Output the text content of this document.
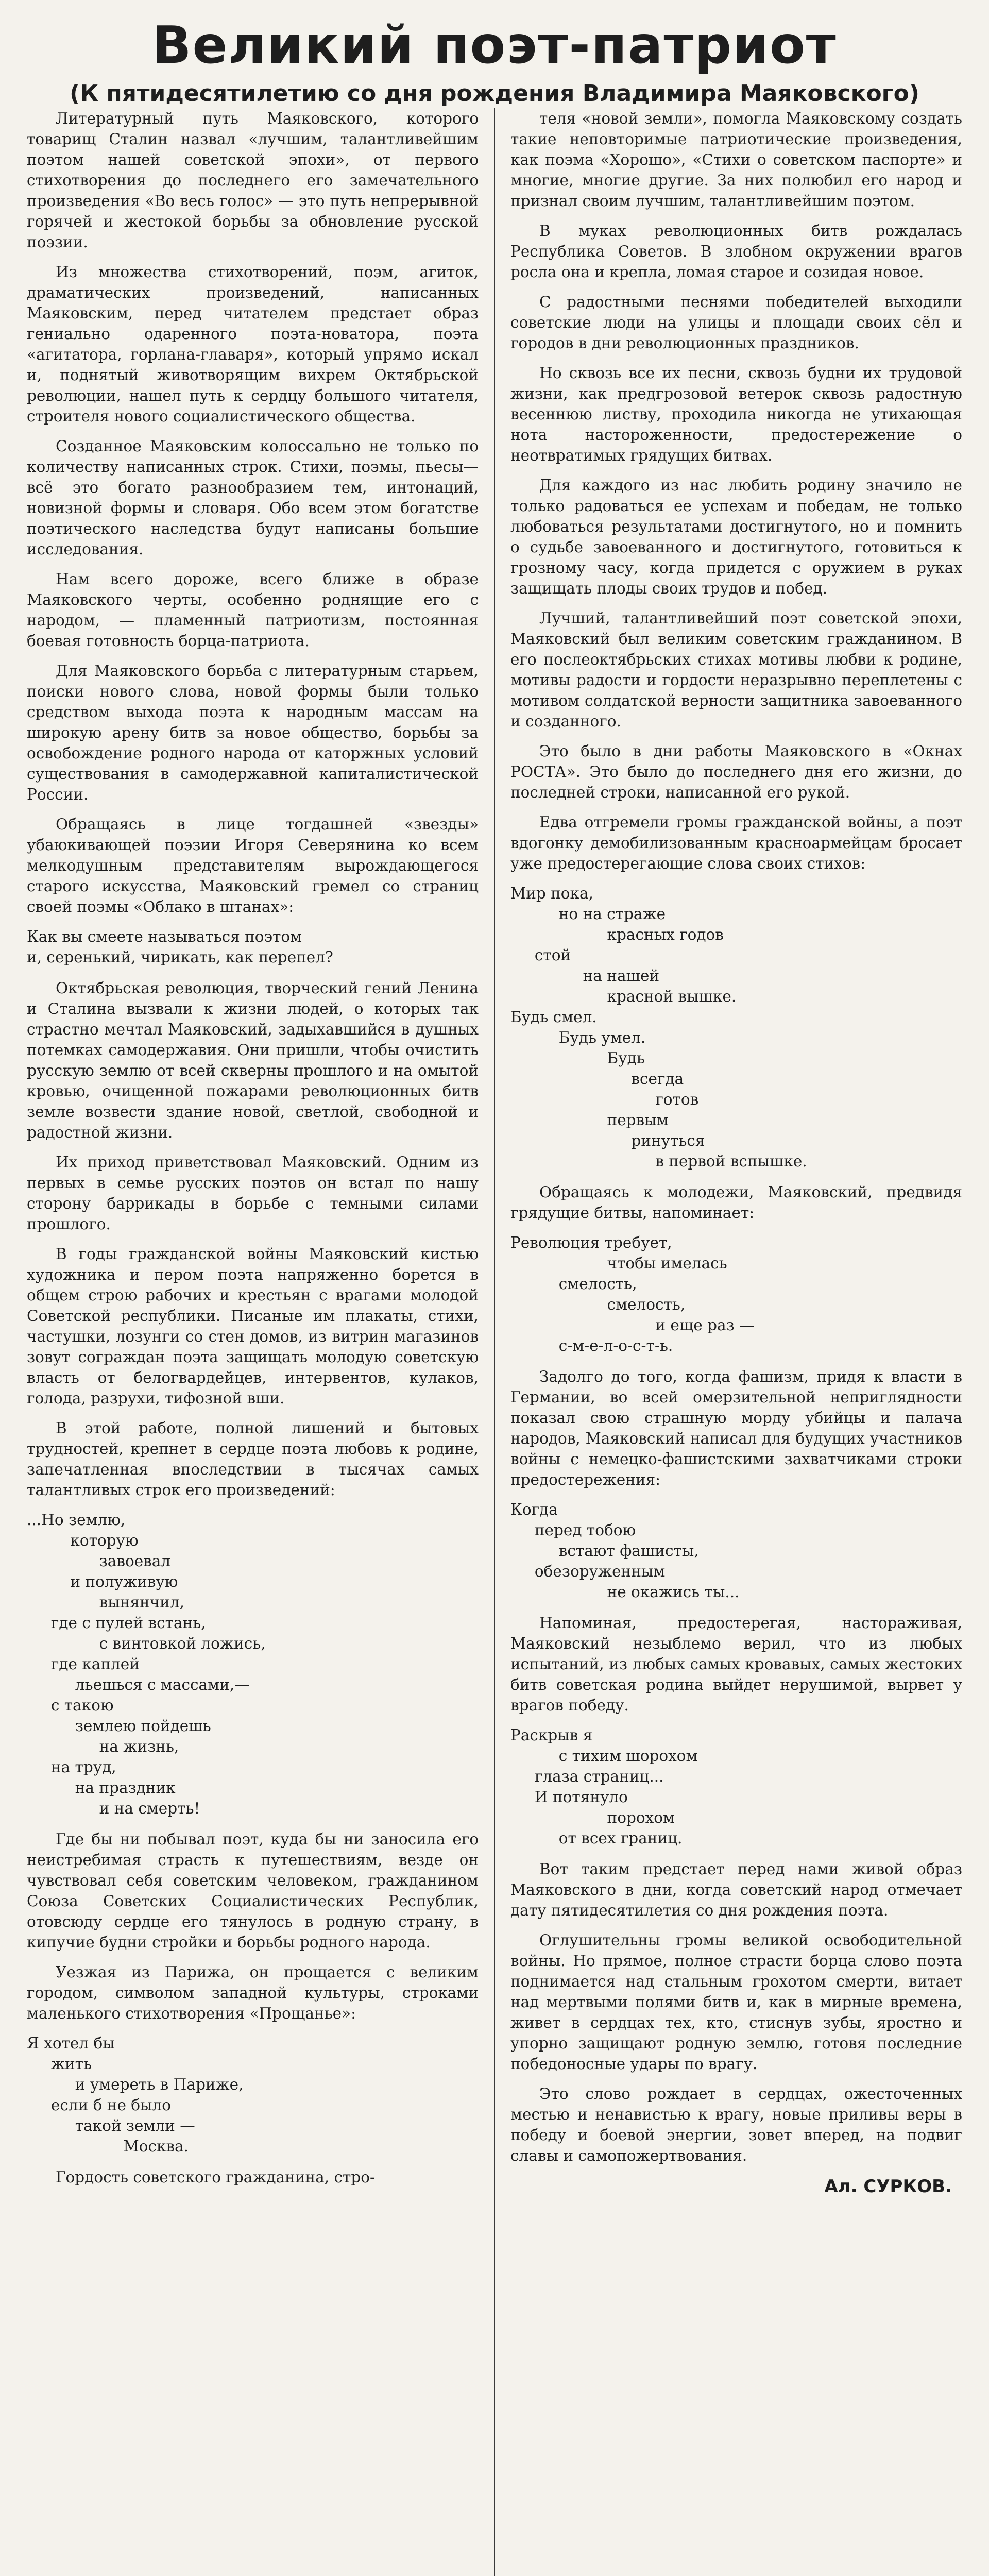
Великий поэт-патриот
(К пятидесятилетию со дня рождения Владимира Маяковского)

Литературный путь Маяковского, которого товарищ Сталин назвал «лучшим, талантливейшим поэтом нашей советской эпохи», от первого стихотворения до последнего его замечательного произведения «Во весь голос» — это путь непрерывной горячей и жестокой борьбы за обновление русской поэзии.

Из множества стихотворений, поэм, агиток, драматических произведений, написанных Маяковским, перед читателем предстает образ гениально одаренного поэта-новатора, поэта «агитатора, горлана-главаря», который упрямо искал и, поднятый животворящим вихрем Октябрьской революции, нашел путь к сердцу большого читателя, строителя нового социалистического общества.

Созданное Маяковским колоссально не только по количеству написанных строк. Стихи, поэмы, пьесы—всё это богато разнообразием тем, интонаций, новизной формы и словаря. Обо всем этом богатстве поэтического наследства будут написаны большие исследования.

Нам всего дороже, всего ближе в образе Маяковского черты, особенно роднящие его с народом, — пламенный патриотизм, постоянная боевая готовность борца-патриота.

Для Маяковского борьба с литературным старьем, поиски нового слова, новой формы были только средством выхода поэта к народным массам на широкую арену битв за новое общество, борьбы за освобождение родного народа от каторжных условий существования в самодержавной капиталистической России.

Обращаясь в лице тогдашней «звезды» убаюкивающей поэзии Игоря Северянина ко всем мелкодушным представителям вырождающегося старого искусства, Маяковский гремел со страниц своей поэмы «Облако в штанах»:

Как вы смеете называться поэтом
и, серенький, чирикать, как перепел?

Октябрьская революция, творческий гений Ленина и Сталина вызвали к жизни людей, о которых так страстно мечтал Маяковский, задыхавшийся в душных потемках самодержавия. Они пришли, чтобы очистить русскую землю от всей скверны прошлого и на омытой кровью, очищенной пожарами революционных битв земле возвести здание новой, светлой, свободной и радостной жизни.

Их приход приветствовал Маяковский. Одним из первых в семье русских поэтов он встал по нашу сторону баррикады в борьбе с темными силами прошлого.

В годы гражданской войны Маяковский кистью художника и пером поэта напряженно борется в общем строю рабочих и крестьян с врагами молодой Советской республики. Писаные им плакаты, стихи, частушки, лозунги со стен домов, из витрин магазинов зовут сограждан поэта защищать молодую советскую власть от белогвардейцев, интервентов, кулаков, голода, разрухи, тифозной вши.

В этой работе, полной лишений и бытовых трудностей, крепнет в сердце поэта любовь к родине, запечатленная впоследствии в тысячах самых талантливых строк его произведений:

...Но землю,
которую
завоевал
и полуживую
вынянчил,
где с пулей встань,
с винтовкой ложись,
где каплей
льешься с массами,—
с такою
землею пойдешь
на жизнь,
на труд,
на праздник
и на смерть!

Где бы ни побывал поэт, куда бы ни заносила его неистребимая страсть к путешествиям, везде он чувствовал себя советским человеком, гражданином Союза Советских Социалистических Республик, отовсюду сердце его тянулось в родную страну, в кипучие будни стройки и борьбы родного народа.

Уезжая из Парижа, он прощается с великим городом, символом западной культуры, строками маленького стихотворения «Прощанье»:

Я хотел бы
жить
и умереть в Париже,
если б не было
такой земли —
Москва.

Гордость советского гражданина, стро-

теля «новой земли», помогла Маяковскому создать такие неповторимые патриотические произведения, как поэма «Хорошо», «Стихи о советском паспорте» и многие, многие другие. За них полюбил его народ и признал своим лучшим, талантливейшим поэтом.

В муках революционных битв рождалась Республика Советов. В злобном окружении врагов росла она и крепла, ломая старое и созидая новое.

С радостными песнями победителей выходили советские люди на улицы и площади своих сёл и городов в дни революционных праздников.

Но сквозь все их песни, сквозь будни их трудовой жизни, как предгрозовой ветерок сквозь радостную весеннюю листву, проходила никогда не утихающая нота настороженности, предостережение о неотвратимых грядущих битвах.

Для каждого из нас любить родину значило не только радоваться ее успехам и победам, не только любоваться результатами достигнутого, но и помнить о судьбе завоеванного и достигнутого, готовиться к грозному часу, когда придется с оружием в руках защищать плоды своих трудов и побед.

Лучший, талантливейший поэт советской эпохи, Маяковский был великим советским гражданином. В его послеоктябрьских стихах мотивы любви к родине, мотивы радости и гордости неразрывно переплетены с мотивом солдатской верности защитника завоеванного и созданного.

Это было в дни работы Маяковского в «Окнах РОСТА». Это было до последнего дня его жизни, до последней строки, написанной его рукой.

Едва отгремели громы гражданской войны, а поэт вдогонку демобилизованным красноармейцам бросает уже предостерегающие слова своих стихов:

Мир пока,
но на страже
красных годов
стой
на нашей
красной вышке.
Будь смел.
Будь умел.
Будь
всегда
готов
первым
ринуться
в первой вспышке.

Обращаясь к молодежи, Маяковский, предвидя грядущие битвы, напоминает:

Революция требует,
чтобы имелась
смелость,
смелость,
и еще раз —
с-м-е-л-о-с-т-ь.

Задолго до того, когда фашизм, придя к власти в Германии, во всей омерзительной неприглядности показал свою страшную морду убийцы и палача народов, Маяковский написал для будущих участников войны с немецко-фашистскими захватчиками строки предостережения:

Когда
перед тобою
встают фашисты,
обезоруженным
не окажись ты...

Напоминая, предостерегая, настораживая, Маяковский незыблемо верил, что из любых испытаний, из любых самых кровавых, самых жестоких битв советская родина выйдет нерушимой, вырвет у врагов победу.

Раскрыв я
с тихим шорохом
глаза страниц...
И потянуло
порохом
от всех границ.

Вот таким предстает перед нами живой образ Маяковского в дни, когда советский народ отмечает дату пятидесятилетия со дня рождения поэта.

Оглушительны громы великой освободительной войны. Но прямое, полное страсти борца слово поэта поднимается над стальным грохотом смерти, витает над мертвыми полями битв и, как в мирные времена, живет в сердцах тех, кто, стиснув зубы, яростно и упорно защищают родную землю, готовя последние победоносные удары по врагу.

Это слово рождает в сердцах, ожесточенных местью и ненавистью к врагу, новые приливы веры в победу и боевой энергии, зовет вперед, на подвиг славы и самопожертвования.

Ал. СУРКОВ.
